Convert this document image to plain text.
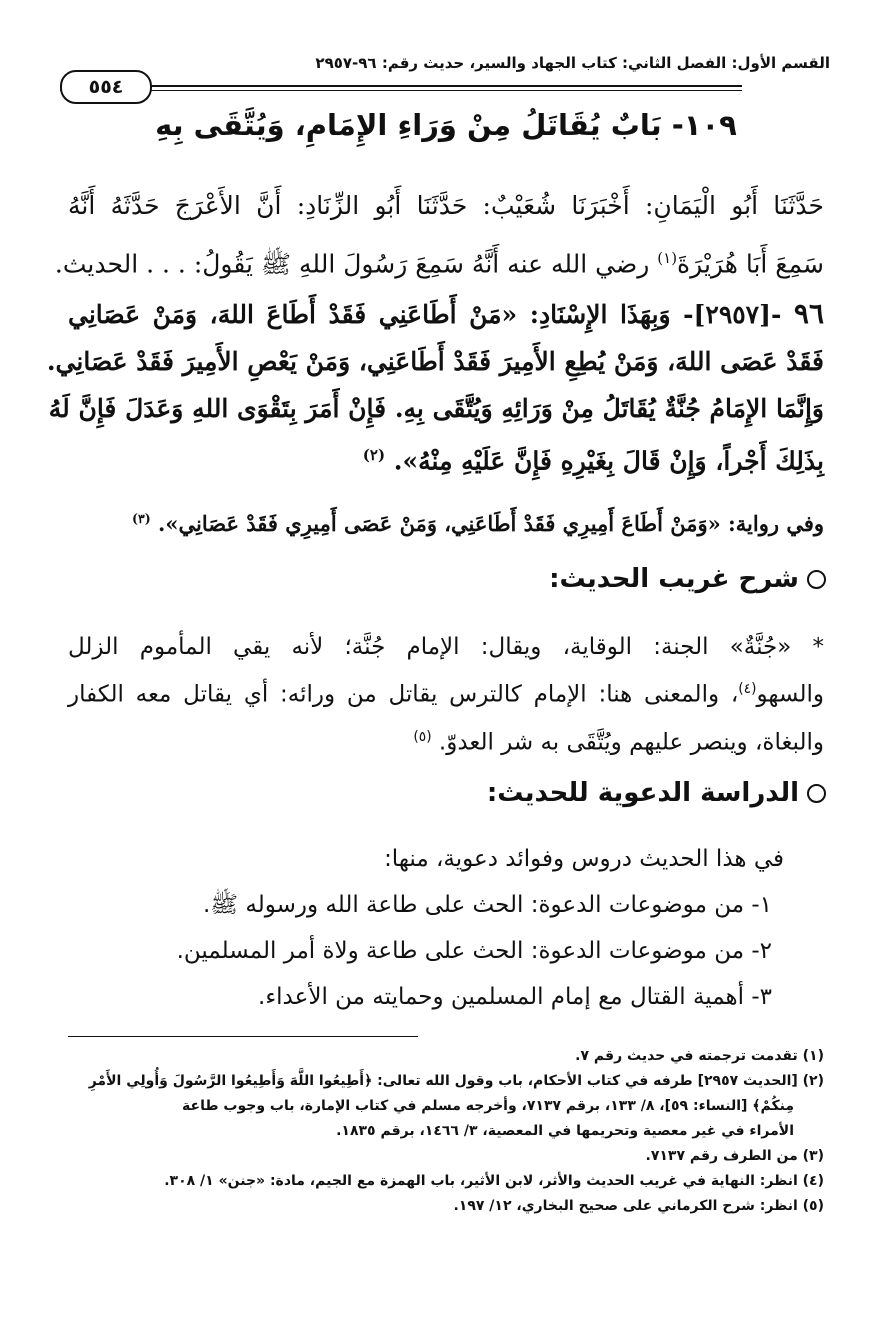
القسم الأول: الفصل الثاني: كتاب الجهاد والسير، حديث رقم: ٩٦-٢٩٥٧
٥٥٤
١٠٩- بَابٌ يُقَاتَلُ مِنْ وَرَاءِ الإِمَامِ، وَيُتَّقَى بِهِ
حَدَّثَنَا أَبُو الْيَمَانِ: أَخْبَرَنَا شُعَيْبٌ: حَدَّثَنَا أَبُو الزِّنَادِ: أَنَّ الأَعْرَجَ حَدَّثَهُ أَنَّهُ
سَمِعَ أَبَا هُرَيْرَةَ$^{(١)}$ رضي الله عنه أَنَّهُ سَمِعَ رَسُولَ اللهِ ﷺ يَقُولُ: . . . الحديث.
٩٦ -[٢٩٥٧]- وَبِهَذَا الإِسْنَادِ: «مَنْ أَطَاعَنِي فَقَدْ أَطَاعَ اللهَ، وَمَنْ عَصَانِي
فَقَدْ عَصَى اللهَ، وَمَنْ يُطِعِ الأَمِيرَ فَقَدْ أَطَاعَنِي، وَمَنْ يَعْصِ الأَمِيرَ فَقَدْ عَصَانِي.
وَإِنَّمَا الإِمَامُ جُنَّةٌ يُقَاتَلُ مِنْ وَرَائِهِ وَيُتَّقَى بِهِ. فَإِنْ أَمَرَ بِتَقْوَى اللهِ وَعَدَلَ فَإِنَّ لَهُ
بِذَلِكَ أَجْراً، وَإِنْ قَالَ بِغَيْرِهِ فَإِنَّ عَلَيْهِ مِنْهُ». $^{(٢)}$
وفي رواية: «وَمَنْ أَطَاعَ أَمِيرِي فَقَدْ أَطَاعَنِي، وَمَنْ عَصَى أَمِيرِي فَقَدْ عَصَانِي». $^{(٣)}$
شرح غريب الحديث:
* «جُنَّةٌ» الجنة: الوقاية، ويقال: الإمام جُنَّة؛ لأنه يقي المأموم الزلل
والسهو$^{(٤)}$، والمعنى هنا: الإمام كالترس يقاتل من ورائه: أي يقاتل معه الكفار
والبغاة، وينصر عليهم ويُتَّقَى به شر العدوّ. $^{(٥)}$
الدراسة الدعوية للحديث:
في هذا الحديث دروس وفوائد دعوية، منها:
١- من موضوعات الدعوة: الحث على طاعة الله ورسوله ﷺ.
٢- من موضوعات الدعوة: الحث على طاعة ولاة أمر المسلمين.
٣- أهمية القتال مع إمام المسلمين وحمايته من الأعداء.
(١) تقدمت ترجمته في حديث رقم ٧.
(٢) [الحديث ٢٩٥٧] طرفه في كتاب الأحكام، باب وقول الله تعالى: ﴿أَطِيعُوا اللَّهَ وَأَطِيعُوا الرَّسُولَ وَأُولِي الأَمْرِ
مِنكُمْ﴾ [النساء: ٥٩]، ٨/ ١٣٣، برقم ٧١٣٧، وأخرجه مسلم في كتاب الإمارة، باب وجوب طاعة
الأمراء في غير معصية وتحريمها في المعصية، ٣/ ١٤٦٦، برقم ١٨٣٥.
(٣) من الطرف رقم ٧١٣٧.
(٤) انظر: النهاية في غريب الحديث والأثر، لابن الأثير، باب الهمزة مع الجيم، مادة: «جنن» ١/ ٣٠٨.
(٥) انظر: شرح الكرماني على صحيح البخاري، ١٢/ ١٩٧.
